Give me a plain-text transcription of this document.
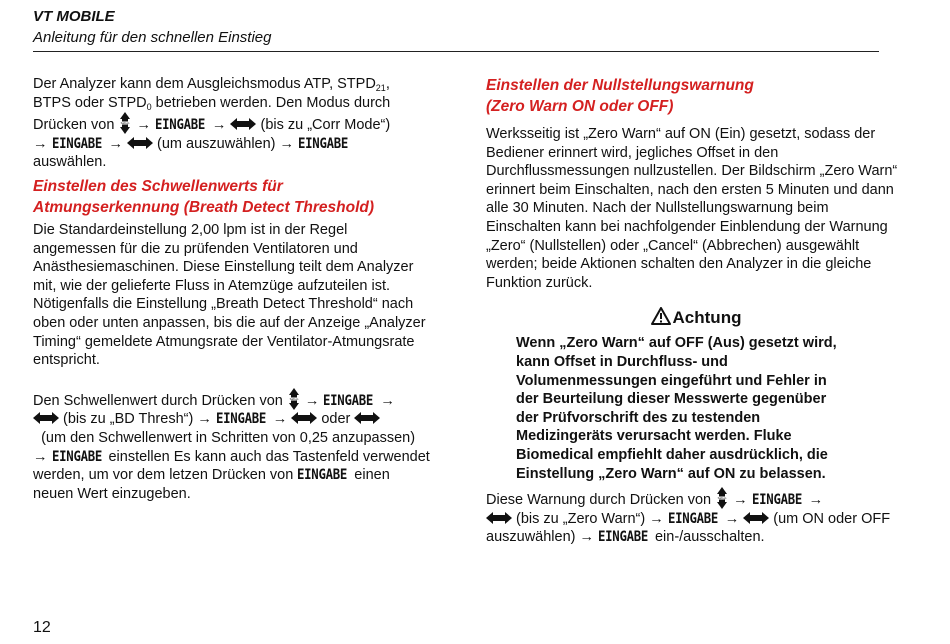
VT MOBILE
Anleitung für den schnellen Einstieg

Der Analyzer kann dem Ausgleichsmodus ATP, $STPD_{21}$,
BTPS oder $STPD_0$ betrieben werden. Den Modus durch
Drücken von Setup → EINGABE →  (bis zu „Corr Mode“)
→ EINGABE →  (um auszuwählen) → EINGABE
auswählen.

Einstellen des Schwellenwerts für
Atmungserkennung (Breath Detect Threshold)

Die Standardeinstellung 2,00 lpm ist in der Regel angemessen für die zu prüfenden Ventilatoren und Anästhesiemaschinen. Diese Einstellung teilt dem Analyzer mit, wie der gelieferte Fluss in Atemzüge aufzuteilen ist. Nötigenfalls die Einstellung „Breath Detect Threshold“ nach oben oder unten anpassen, bis die auf der Anzeige „Analyzer Timing“ gemeldete Atmungsrate der Ventilator-Atmungsrate entspricht.

Den Schwellenwert durch Drücken von Setup → EINGABE →
(bis zu „BD Thresh“) → EINGABE →  oder
(um den Schwellenwert in Schritten von 0,25 anzupassen) → EINGABE einstellen Es kann auch das Tastenfeld verwendet werden, um vor dem letzen Drücken von EINGABE einen neuen Wert einzugeben.

Einstellen der Nullstellungswarnung
(Zero Warn ON oder OFF)

Werksseitig ist „Zero Warn“ auf ON (Ein) gesetzt, sodass der Bediener erinnert wird, jegliches Offset in den Durchflussmessungen nullzustellen. Der Bildschirm „Zero Warn“ erinnert beim Einschalten, nach den ersten 5 Minuten und dann alle 30 Minuten. Nach der Nullstellungswarnung beim Einschalten kann bei nachfolgender Einblendung der Warnung „Zero“ (Nullstellen) oder „Cancel“ (Abbrechen) ausgewählt werden; beide Aktionen schalten den Analyzer in die gleiche Funktion zurück.

Achtung

Wenn „Zero Warn“ auf OFF (Aus) gesetzt wird, kann Offset in Durchfluss- und Volumenmessungen eingeführt und Fehler in der Beurteilung dieser Messwerte gegenüber der Prüfvorschrift des zu testenden Medizingeräts verursacht werden. Fluke Biomedical empfiehlt daher ausdrücklich, die Einstellung „Zero Warn“ auf ON zu belassen.

Diese Warnung durch Drücken von Setup → EINGABE →
(bis zu „Zero Warn“) → EINGABE →  (um ON oder OFF auszuwählen) → EINGABE ein-/ausschalten.

12
